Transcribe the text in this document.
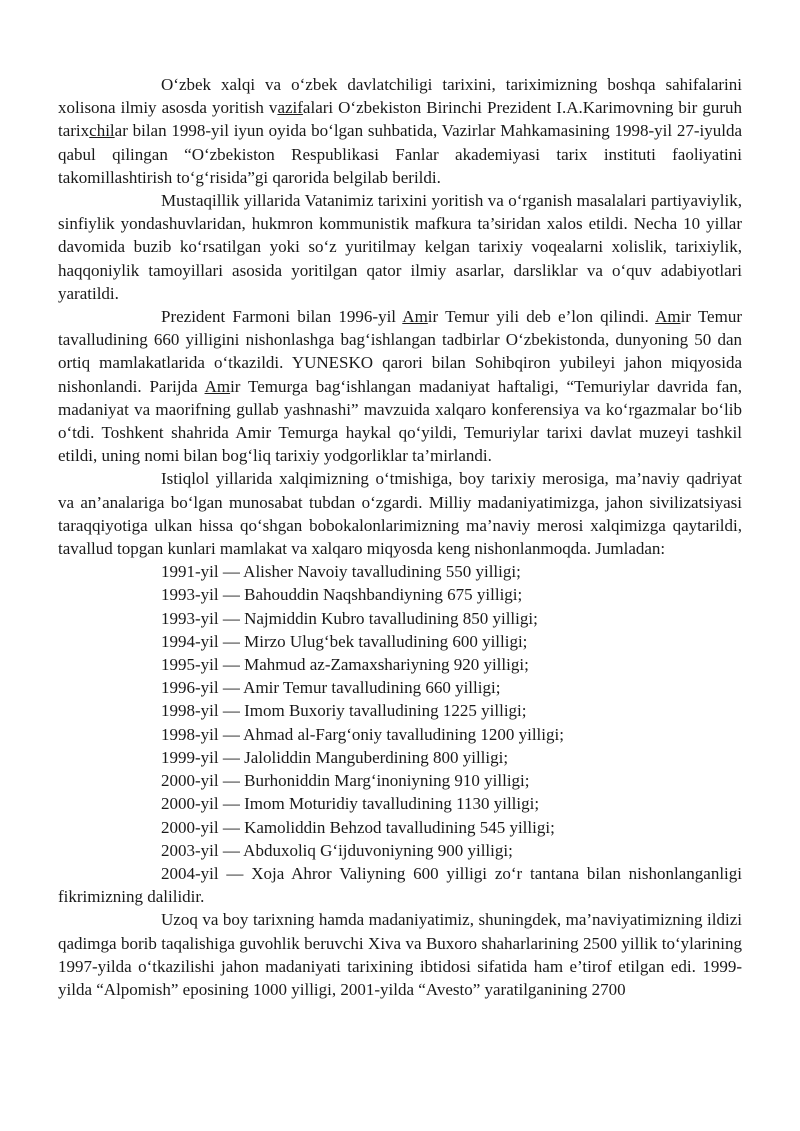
O‘zbek xalqi va o‘zbek davlatchiligi tarixini, tariximizning boshqa sahifalarini xolisona ilmiy asosda yoritish vazifalari O‘zbekiston Birinchi Prezident I.A.Karimovning bir guruh tarixchilar bilan 1998-yil iyun oyida bo‘lgan suhbatida, Vazirlar Mahkamasining 1998-yil 27-iyulda qabul qilingan “O‘zbekiston Respublikasi Fanlar akademiyasi tarix instituti faoliyatini takomillashtirish to‘g‘risida”gi qarorida belgilab berildi.

Mustaqillik yillarida Vatanimiz tarixini yoritish va o‘rganish masalalari partiyaviylik, sinfiylik yondashuvlaridan, hukmron kommunistik mafkura ta’siridan xalos etildi. Necha 10 yillar davomida buzib ko‘rsatilgan yoki so‘z yuritilmay kelgan tarixiy voqealarni xolislik, tarixiylik, haqqoniylik tamoyillari asosida yoritilgan qator ilmiy asarlar, darsliklar va o‘quv adabiyotlari yaratildi.

Prezident Farmoni bilan 1996-yil Amir Temur yili deb e’lon qilindi. Amir Temur tavalludining 660 yilligini nishonlashga bag‘ishlangan tadbirlar O‘zbekistonda, dunyoning 50 dan ortiq mamlakatlarida o‘tkazildi. YUNESKO qarori bilan Sohibqiron yubileyi jahon miqyosida nishonlandi. Parijda Amir Temurga bag‘ishlangan madaniyat haftaligi, “Temuriylar davrida fan, madaniyat va maorifning gullab yashnashi” mavzuida xalqaro konferensiya va ko‘rgazmalar bo‘lib o‘tdi. Toshkent shahrida Amir Temurga haykal qo‘yildi, Temuriylar tarixi davlat muzeyi tashkil etildi, uning nomi bilan bog‘liq tarixiy yodgorliklar ta’mirlandi.

Istiqlol yillarida xalqimizning o‘tmishiga, boy tarixiy merosiga, ma’naviy qadriyat va an’analariga bo‘lgan munosabat tubdan o‘zgardi. Milliy madaniyatimizga, jahon sivilizatsiyasi taraqqiyotiga ulkan hissa qo‘shgan bobokalonlarimizning ma’naviy merosi xalqimizga qaytarildi, tavallud topgan kunlari mamlakat va xalqaro miqyosda keng nishonlanmoqda. Jumladan:

1991-yil — Alisher Navoiy tavalludining 550 yilligi;
1993-yil — Bahouddin Naqshbandiyning 675 yilligi;
1993-yil — Najmiddin Kubro tavalludining 850 yilligi;
1994-yil — Mirzo Ulug‘bek tavalludining 600 yilligi;
1995-yil — Mahmud az-Zamaxshariyning 920 yilligi;
1996-yil — Amir Temur tavalludining 660 yilligi;
1998-yil — Imom Buxoriy tavalludining 1225 yilligi;
1998-yil — Ahmad al-Farg‘oniy tavalludining 1200 yilligi;
1999-yil — Jaloliddin Manguberdining 800 yilligi;
2000-yil — Burhoniddin Marg‘inoniyning 910 yilligi;
2000-yil — Imom Moturidiy tavalludining 1130 yilligi;
2000-yil — Kamoliddin Behzod tavalludining 545 yilligi;
2003-yil — Abduxoliq G‘ijduvoniyning 900 yilligi;

2004-yil — Xoja Ahror Valiyning 600 yilligi zo‘r tantana bilan nishonlanganligi fikrimizning dalilidir.

Uzoq va boy tarixning hamda madaniyatimiz, shuningdek, ma’naviyatimizning ildizi qadimga borib taqalishiga guvohlik beruvchi Xiva va Buxoro shaharlarining 2500 yillik to‘ylarining 1997-yilda o‘tkazilishi jahon madaniyati tarixining ibtidosi sifatida ham e’tirof etilgan edi. 1999-yilda “Alpomish” eposining 1000 yilligi, 2001-yilda “Avesto” yaratilganining 2700
